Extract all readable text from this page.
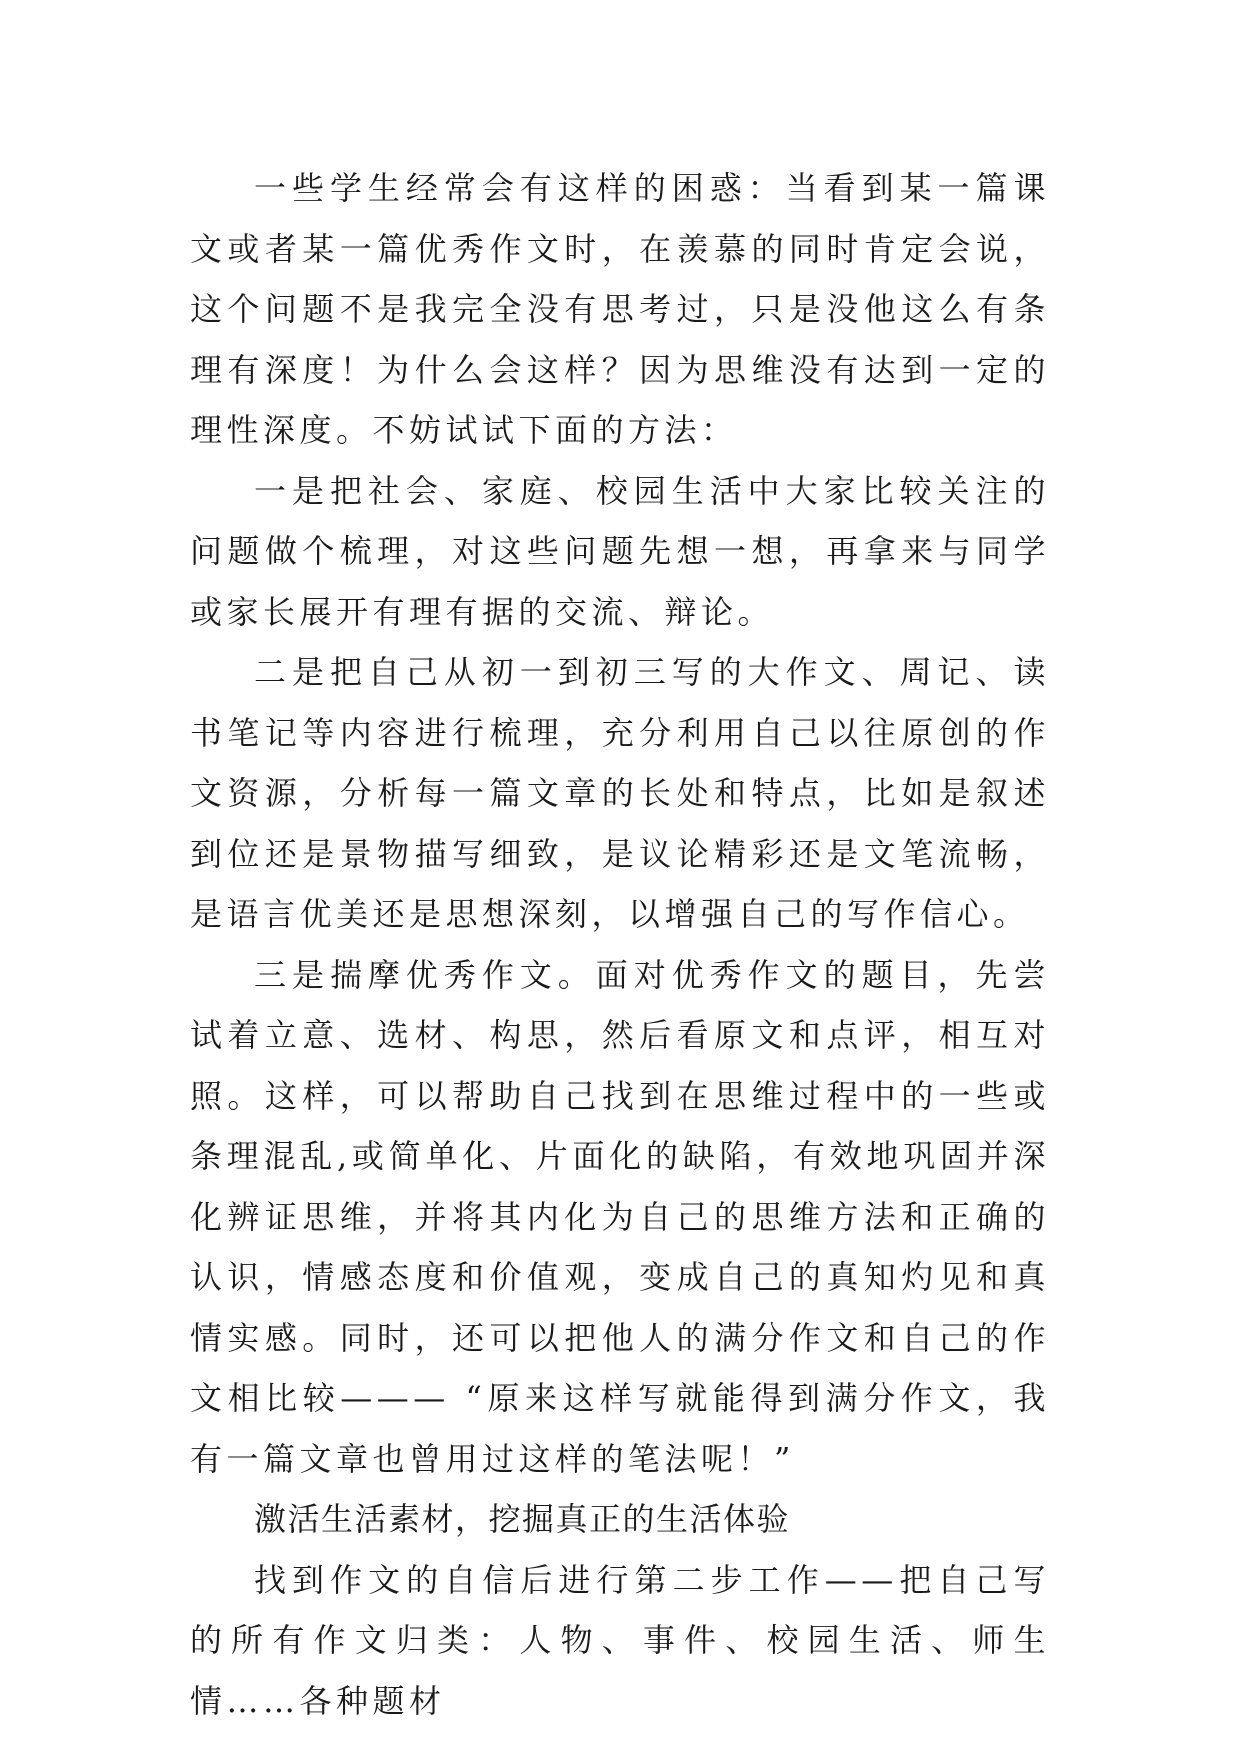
一些学生经常会有这样的困惑：当看到某一篇课文或者某一篇优秀作文时，在羡慕的同时肯定会说，这个问题不是我完全没有思考过，只是没他这么有条理有深度！为什么会这样？因为思维没有达到一定的理性深度。不妨试试下面的方法：

一是把社会、家庭、校园生活中大家比较关注的问题做个梳理，对这些问题先想一想，再拿来与同学或家长展开有理有据的交流、辩论。

二是把自己从初一到初三写的大作文、周记、读书笔记等内容进行梳理，充分利用自己以往原创的作文资源，分析每一篇文章的长处和特点，比如是叙述到位还是景物描写细致，是议论精彩还是文笔流畅，是语言优美还是思想深刻，以增强自己的写作信心。

三是揣摩优秀作文。面对优秀作文的题目，先尝试着立意、选材、构思，然后看原文和点评，相互对照。这样，可以帮助自己找到在思维过程中的一些或条理混乱,或简单化、片面化的缺陷，有效地巩固并深化辨证思维，并将其内化为自己的思维方法和正确的认识，情感态度和价值观，变成自己的真知灼见和真情实感。同时，还可以把他人的满分作文和自己的作文相比较——— “原来这样写就能得到满分作文，我有一篇文章也曾用过这样的笔法呢！”

激活生活素材，挖掘真正的生活体验

找到作文的自信后进行第二步工作——把自己写的所有作文归类：人物、事件、校园生活、师生情……各种题材
